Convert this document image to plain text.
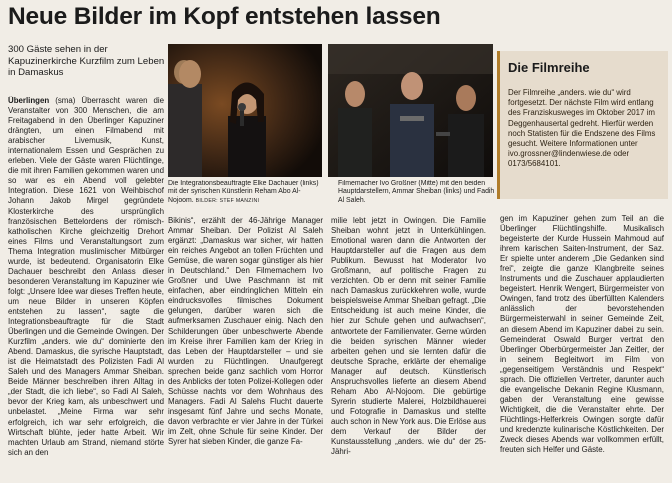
Neue Bilder im Kopf entstehen lassen

300 Gäste sehen in der Kapuzinerkirche Kurzfilm zum Leben in Damaskus

Die Integrationsbeauftragte Elke Dachauer (links) mit der syrischen Künstlerin Reham Abo Al-Nojoom. BILDER: STEF MANZINI

Filmemacher Ivo Großner (Mitte) mit den beiden Hauptdarstellern, Ammar Sheiban (links) und Fadih Al Saleh.

Die Filmreihe

Der Filmreihe „anders. wie du“ wird fortgesetzt. Der nächste Film wird entlang des Franziskusweges im Oktober 2017 im Deggenhausertal gedreht. Hierfür werden noch Statisten für die Endszene des Films gesucht. Weitere Informationen unter ivo.grossner@lindenwiese.de oder 0173/5684101.

Überlingen (sma) Überrascht waren die Veranstalter von 300 Menschen, die am Freitagabend in den Überlinger Kapuziner drängten, um einen Filmabend mit arabischer Livemusik, Kunst, internationalem Essen und Gesprächen zu erleben. Viele der Gäste waren Flüchtlinge, die mit ihren Familien gekommen waren und so war es ein Abend voll gelebter Integration. Diese 1621 von Weihbischof Johann Jakob Mirgel gegründete Klosterkirche des ursprünglich französischen Bettelordens der römisch-katholischen Kirche gleichzeitig Drehort eines Films und Veranstaltungsort zum Thema Integration muslimischer Mitbürger wurde, ist bedeutend. Organisatorin Elke Dachauer beschreibt den Anlass dieser besonderen Veranstaltung im Kapuziner wie folgt: „Unsere Idee war dieses Treffen heute, um neue Bilder in unseren Köpfen entstehen zu lassen“, sagte die Integrationsbeauftragte für die Stadt Überlingen und die Gemeinde Owingen. Der Kurzfilm „anders. wie du“ dominierte den Abend. Damaskus, die syrische Hauptstadt, ist die Heimatstadt des Polizisten Fadi Al Saleh und des Managers Ammar Sheiban. Beide Männer beschreiben ihren Alltag in „der Stadt, die ich liebe“, so Fadi Al Saleh, bevor der Krieg kam, als unbeschwert und unbelastet. „Meine Firma war sehr erfolgreich, ich war sehr erfolgreich, die Wirtschaft blühte, jeder hatte Arbeit. Wir machten Urlaub am Strand, niemand störte sich an den

Bikinis“, erzählt der 46-Jährige Manager Ammar Sheiban. Der Polizist Al Saleh ergänzt: „Damaskus war sicher, wir hatten ein reiches Angebot an tollen Früchten und Gemüse, die waren sogar günstiger als hier in Deutschland.“ Den Filmemachern Ivo Großner und Uwe Paschmann ist mit einfachen, aber eindringlichen Mitteln ein eindrucksvolles filmisches Dokument gelungen, darüber waren sich die aufmerksamen Zuschauer einig. Nach den Schilderungen über unbeschwerte Abende im Kreise ihrer Familien kam der Krieg in das Leben der Hauptdarsteller – und sie wurden zu Flüchtlingen. Unaufgeregt sprechen beide ganz sachlich vom Horror des Anblicks der toten Polizei-Kollegen oder Schüsse nachts vor dem Wohnhaus des Managers. Fadi Al Salehs Flucht dauerte insgesamt fünf Jahre und sechs Monate, davon verbrachte er vier Jahre in der Türkei im Zelt, ohne Schule für seine Kinder. Der Syrer hat sieben Kinder, die ganze Fa-

milie lebt jetzt in Owingen. Die Familie Sheiban wohnt jetzt in Unterkühlingen. Emotional waren dann die Antworten der Hauptdarsteller auf die Fragen aus dem Publikum. Bewusst hat Moderator Ivo Großmann, auf politische Fragen zu verzichten. Ob er denn mit seiner Familie nach Damaskus zurückkehren wolle, wurde beispielsweise Ammar Sheiban gefragt. „Die Entscheidung ist auch meine Kinder, die hier zur Schule gehen und aufwachsen“, antwortete der Familienvater. Gerne würden die beiden syrischen Männer wieder arbeiten gehen und sie lernten dafür die deutsche Sprache, erklärte der ehemalige Manager auf deutsch. Künstlerisch Anspruchsvolles lieferte an diesem Abend Reham Abo Al-Nojoom. Die gebürtige Syrerin studierte Malerei, Holzbildhauerei und Fotografie in Damaskus und stellte auch schon in New York aus. Die Erlöse aus dem Verkauf der Bilder der Kunstausstellung „anders. wie du“ der 25-Jähri-

gen im Kapuziner gehen zum Teil an die Überlinger Flüchtlingshilfe. Musikalisch begeisterte der Kurde Hussein Mahmoud auf ihrem karischen Saiten-Instrument, der Saz. Er spielte unter anderem „Die Gedanken sind frei“, zeigte die ganze Klangbreite seines Instruments und die Zuschauer applaudierten begeistert. Henrik Wengert, Bürgermeister von Owingen, fand trotz des überfüllten Kalenders anlässlich der bevorstehenden Bürgermeisterwahl in seiner Gemeinde Zeit, an diesem Abend im Kapuziner dabei zu sein. Gemeinderat Oswald Burger vertrat den Überlinger Oberbürgermeister Jan Zeitler, der in seinem Begleitwort im Film von „gegenseitigem Verständnis und Respekt“ sprach. Die offiziellen Vertreter, darunter auch die evangelische Dekanin Regine Klusmann, gaben der Veranstaltung eine gewisse Wichtigkeit, die die Veranstalter ehrte. Der Flüchtlings-Helferkreis Owingen sorgte dafür und kredenzte kulinarische Köstlichkeiten. Der Zweck dieses Abends war vollkommen erfüllt, freuten sich Helfer und Gäste.
